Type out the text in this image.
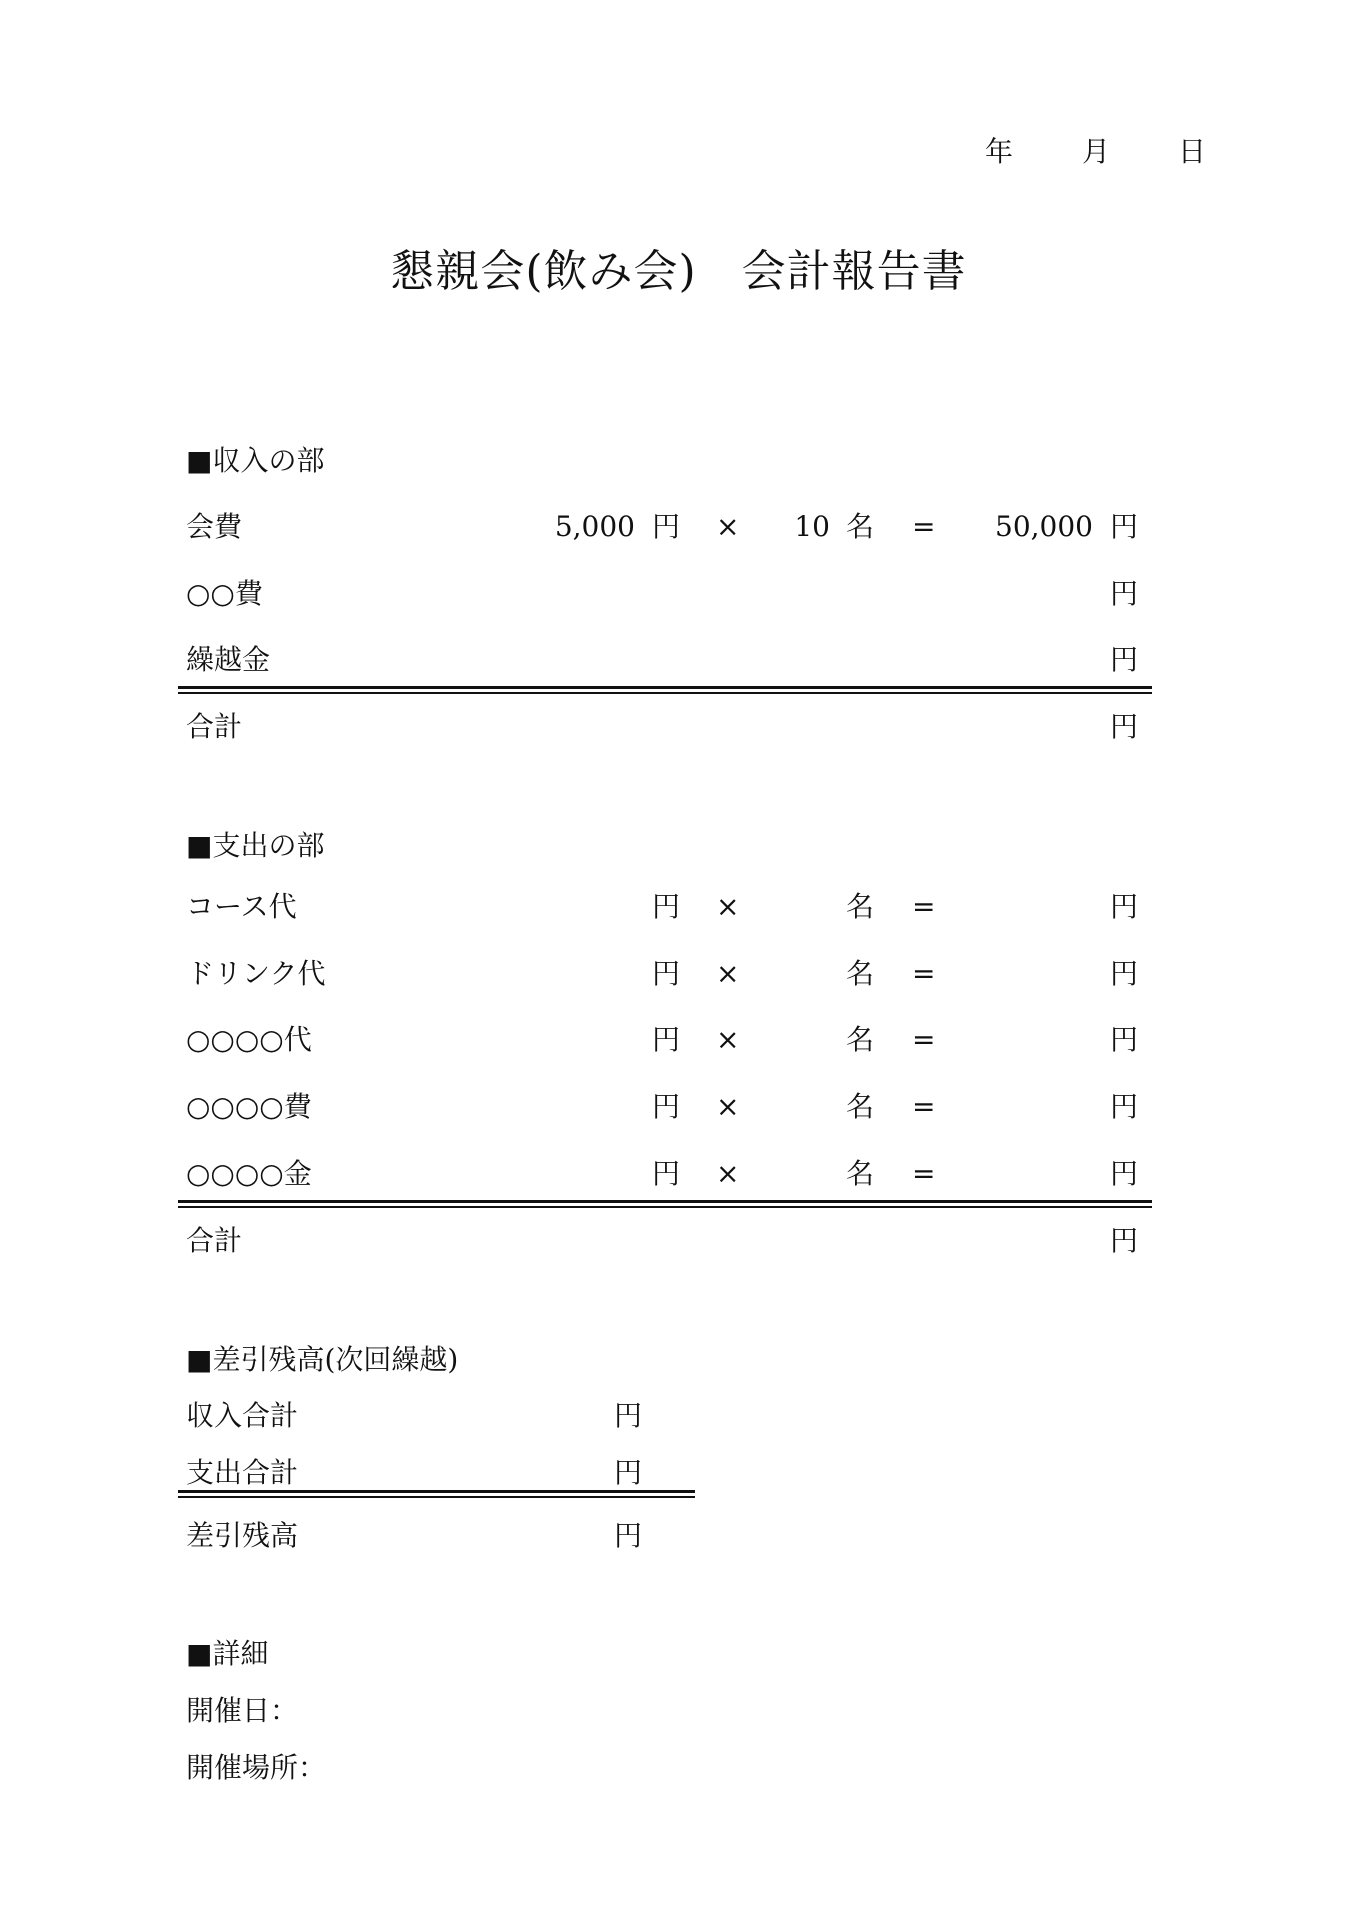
年 月 日
懇親会(飲み会)　会計報告書
■収入の部
会費	5,000 円 ×	10 名 =	50,000 円
○○費	円
繰越金	円
合計	円
■支出の部
コース代	円 ×	名 =	円
ドリンク代	円 ×	名 =	円
○○○○代	円 ×	名 =	円
○○○○費	円 ×	名 =	円
○○○○金	円 ×	名 =	円
合計	円
■差引残高(次回繰越)
収入合計	円
支出合計	円
差引残高	円
■詳細
開催日：
開催場所：
